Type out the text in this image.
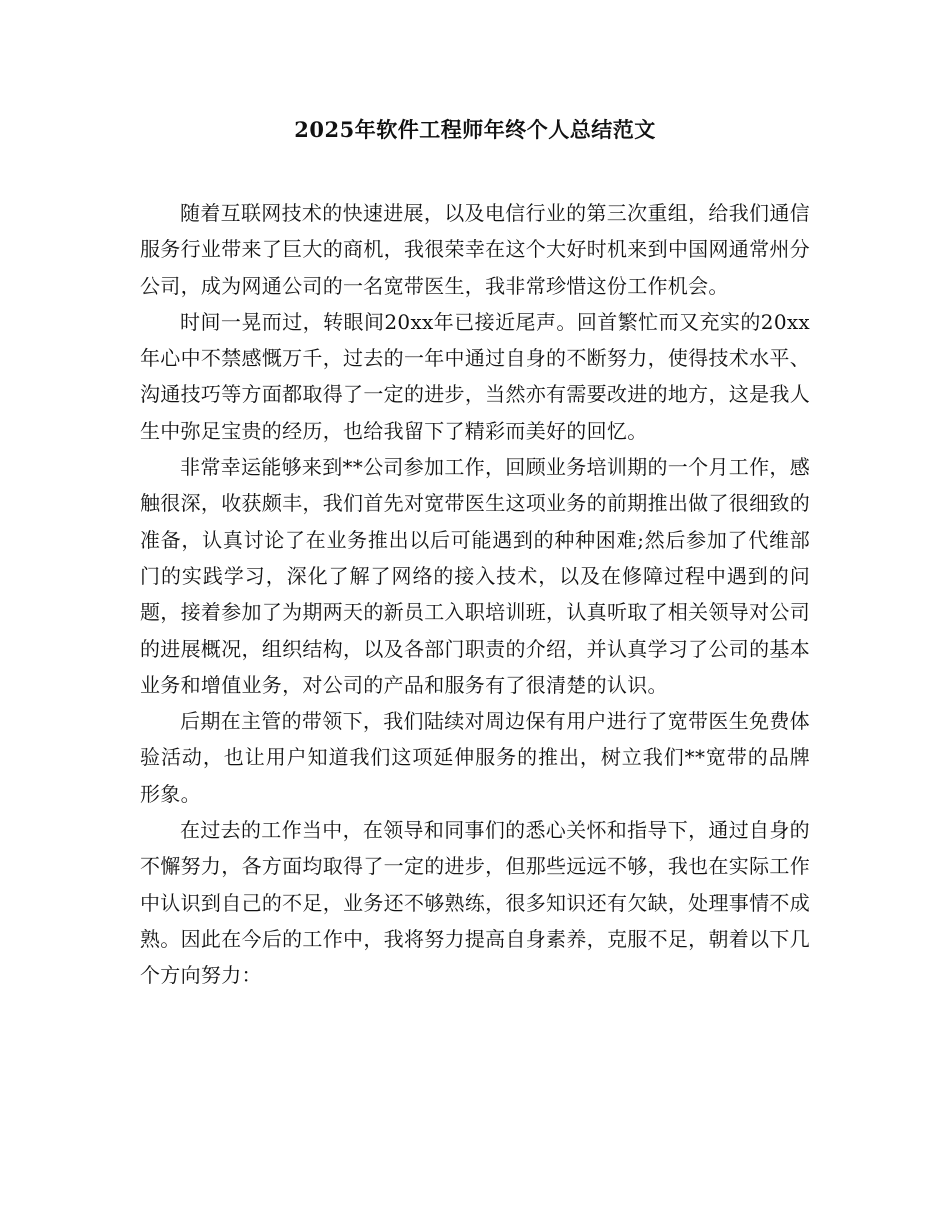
2025年软件工程师年终个人总结范文

随着互联网技术的快速进展，以及电信行业的第三次重组，给我们通信服务行业带来了巨大的商机，我很荣幸在这个大好时机来到中国网通常州分公司，成为网通公司的一名宽带医生，我非常珍惜这份工作机会。

时间一晃而过，转眼间20xx年已接近尾声。回首繁忙而又充实的20xx年心中不禁感慨万千，过去的一年中通过自身的不断努力，使得技术水平、沟通技巧等方面都取得了一定的进步，当然亦有需要改进的地方，这是我人生中弥足宝贵的经历，也给我留下了精彩而美好的回忆。

非常幸运能够来到**公司参加工作，回顾业务培训期的一个月工作，感触很深，收获颇丰，我们首先对宽带医生这项业务的前期推出做了很细致的准备，认真讨论了在业务推出以后可能遇到的种种困难;然后参加了代维部门的实践学习，深化了解了网络的接入技术，以及在修障过程中遇到的问题，接着参加了为期两天的新员工入职培训班，认真听取了相关领导对公司的进展概况，组织结构，以及各部门职责的介绍，并认真学习了公司的基本业务和增值业务，对公司的产品和服务有了很清楚的认识。

后期在主管的带领下，我们陆续对周边保有用户进行了宽带医生免费体验活动，也让用户知道我们这项延伸服务的推出，树立我们**宽带的品牌形象。

在过去的工作当中，在领导和同事们的悉心关怀和指导下，通过自身的不懈努力，各方面均取得了一定的进步，但那些远远不够，我也在实际工作中认识到自己的不足，业务还不够熟练，很多知识还有欠缺，处理事情不成熟。因此在今后的工作中，我将努力提高自身素养，克服不足，朝着以下几个方向努力：
